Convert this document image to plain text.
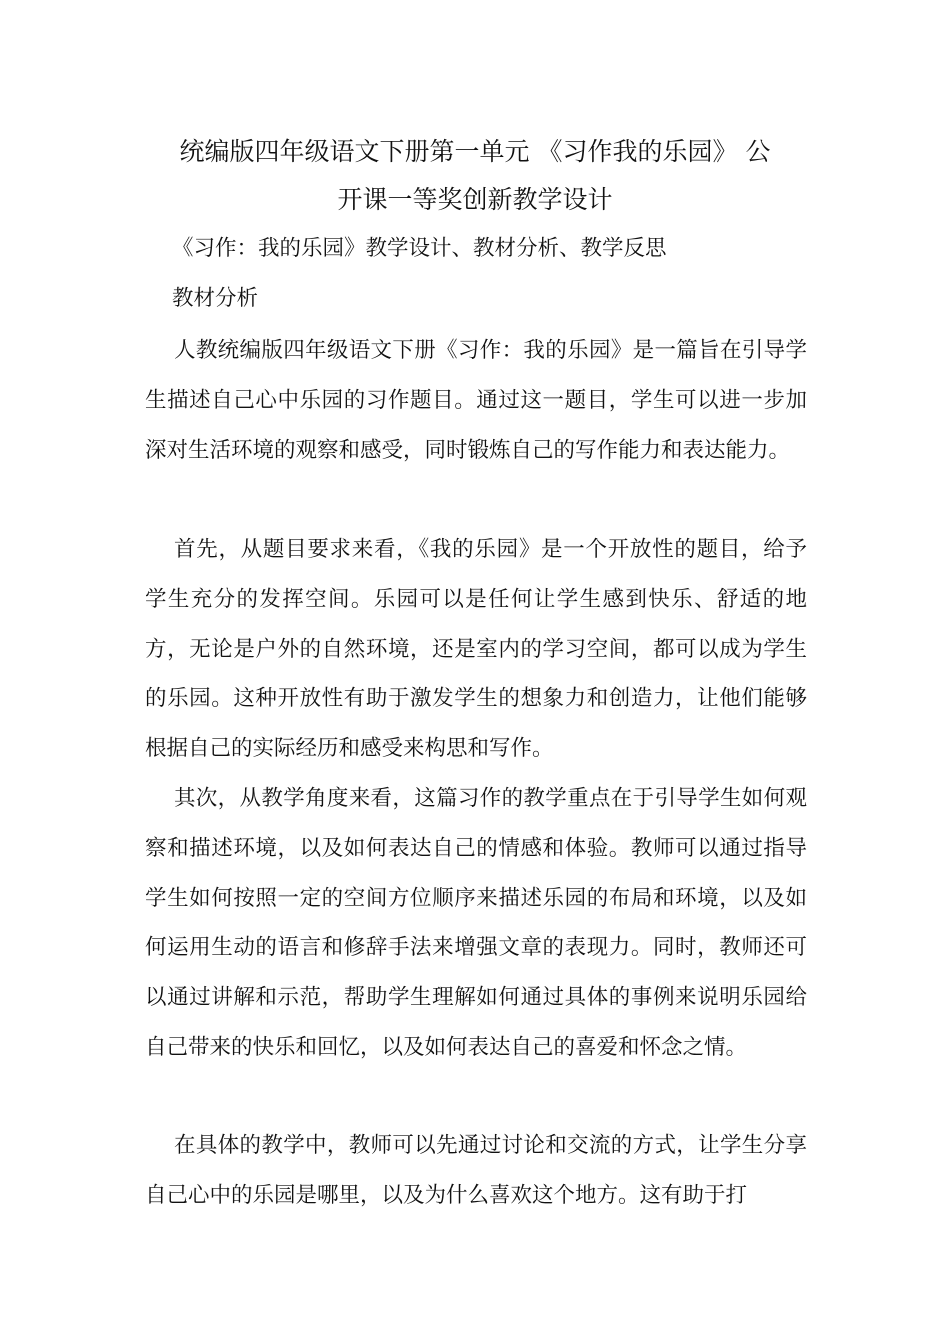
统编版四年级语文下册第一单元 《习作我的乐园》 公
开课一等奖创新教学设计

《习作：我的乐园》教学设计、教材分析、教学反思

教材分析

人教统编版四年级语文下册《习作：我的乐园》是一篇旨在引导学生描述自己心中乐园的习作题目。通过这一题目，学生可以进一步加深对生活环境的观察和感受，同时锻炼自己的写作能力和表达能力。

首先，从题目要求来看，《我的乐园》是一个开放性的题目，给予学生充分的发挥空间。乐园可以是任何让学生感到快乐、舒适的地方，无论是户外的自然环境，还是室内的学习空间，都可以成为学生的乐园。这种开放性有助于激发学生的想象力和创造力，让他们能够根据自己的实际经历和感受来构思和写作。

其次，从教学角度来看，这篇习作的教学重点在于引导学生如何观察和描述环境，以及如何表达自己的情感和体验。教师可以通过指导学生如何按照一定的空间方位顺序来描述乐园的布局和环境，以及如何运用生动的语言和修辞手法来增强文章的表现力。同时，教师还可以通过讲解和示范，帮助学生理解如何通过具体的事例来说明乐园给自己带来的快乐和回忆，以及如何表达自己的喜爱和怀念之情。

在具体的教学中，教师可以先通过讨论和交流的方式，让学生分享自己心中的乐园是哪里，以及为什么喜欢这个地方。这有助于打
